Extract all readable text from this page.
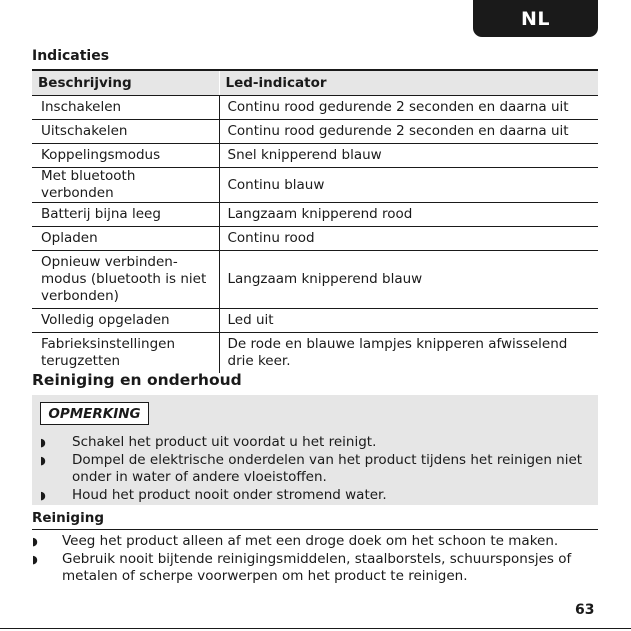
NL
Indicaties
Beschrijving	Led-indicator
Inschakelen	Continu rood gedurende 2 seconden en daarna uit
Uitschakelen	Continu rood gedurende 2 seconden en daarna uit
Koppelingsmodus	Snel knipperend blauw
Met bluetooth verbonden	Continu blauw
Batterij bijna leeg	Langzaam knipperend rood
Opladen	Continu rood
Opnieuw verbinden-
modus (bluetooth is niet
verbonden)	Langzaam knipperend blauw
Volledig opgeladen	Led uit
Fabrieksinstellingen
terugzetten	De rode en blauwe lampjes knipperen afwisselend drie keer.
Reiniging en onderhoud
OPMERKING
◗ Schakel het product uit voordat u het reinigt.
◗ Dompel de elektrische onderdelen van het product tijdens het reinigen niet onder in water of andere vloeistoffen.
◗ Houd het product nooit onder stromend water.
Reiniging
◗ Veeg het product alleen af met een droge doek om het schoon te maken.
◗ Gebruik nooit bijtende reinigingsmiddelen, staalborstels, schuursponsjes of metalen of scherpe voorwerpen om het product te reinigen.
63
